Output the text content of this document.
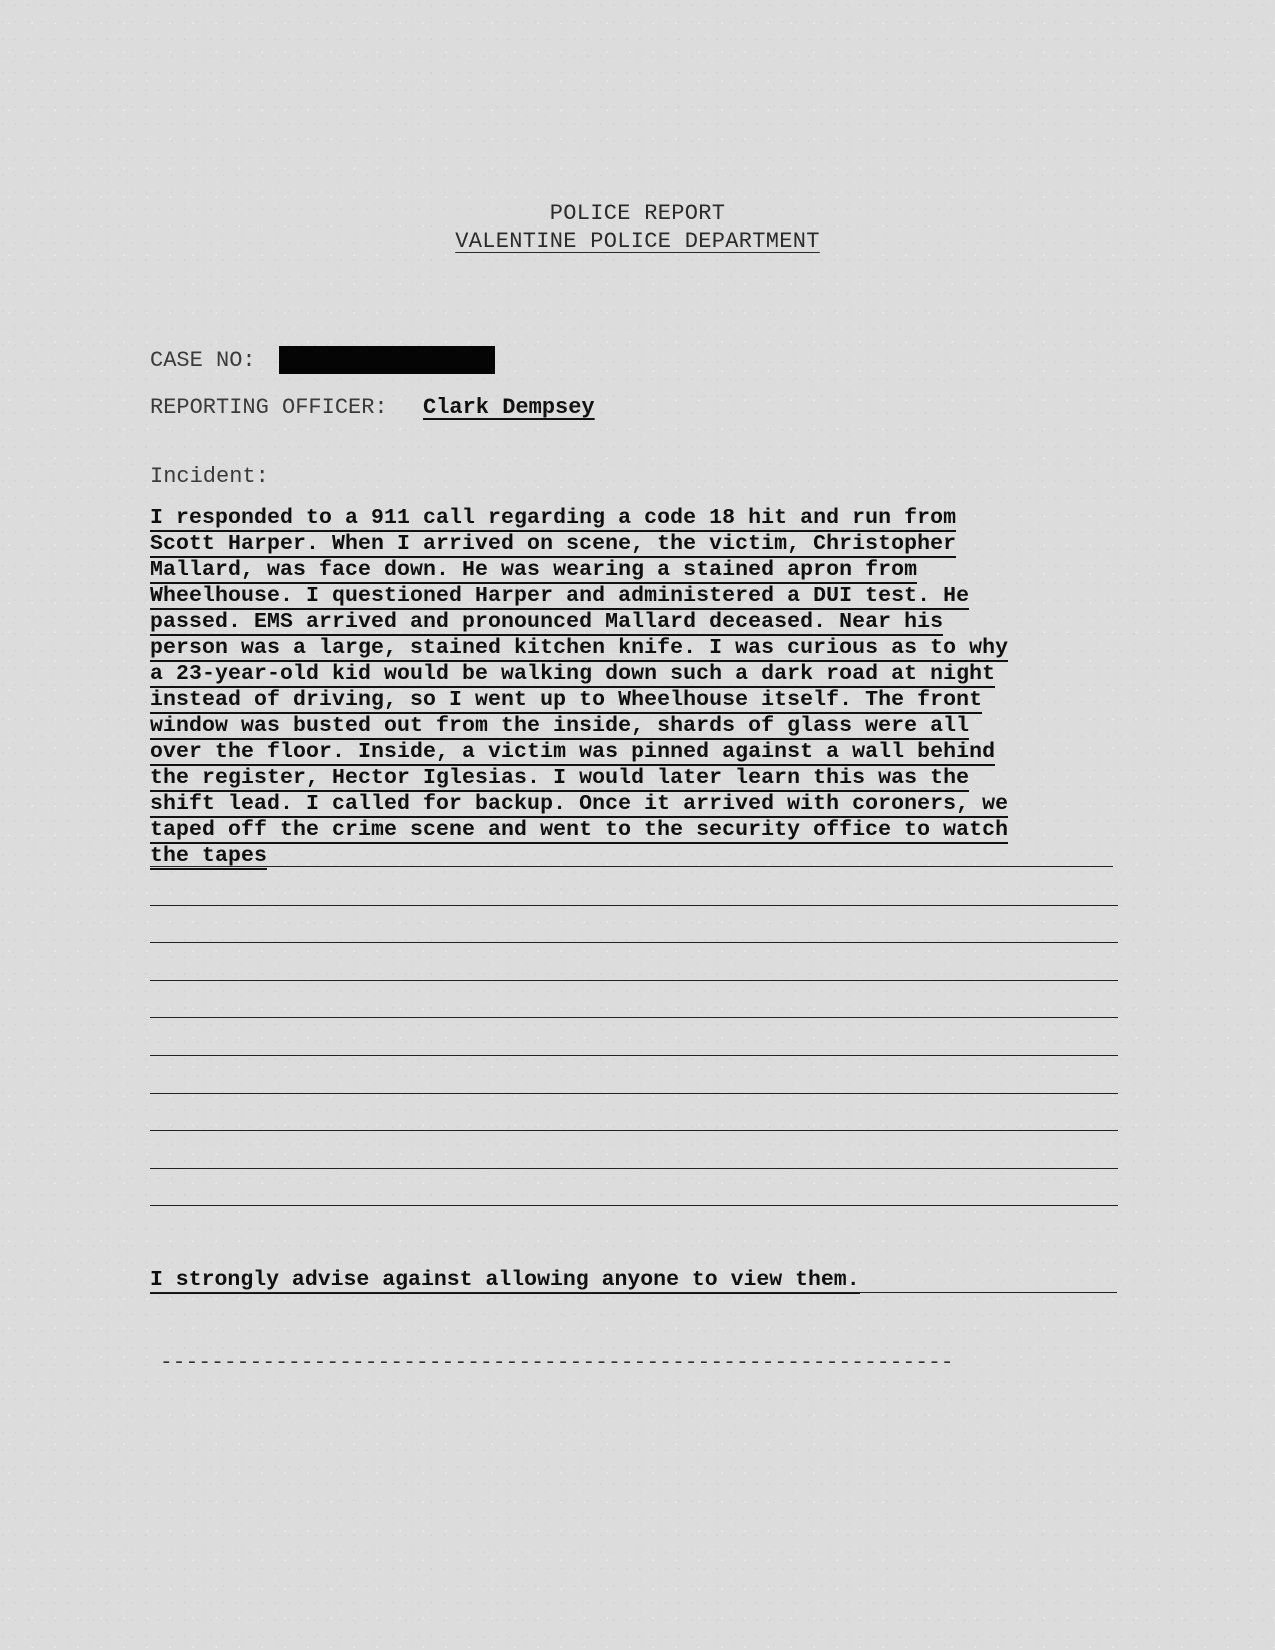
POLICE REPORT
VALENTINE POLICE DEPARTMENT
CASE NO:
REPORTING OFFICER: Clark Dempsey
Incident:
I responded to a 911 call regarding a code 18 hit and run from
Scott Harper. When I arrived on scene, the victim, Christopher
Mallard, was face down. He was wearing a stained apron from
Wheelhouse. I questioned Harper and administered a DUI test. He
passed. EMS arrived and pronounced Mallard deceased. Near his
person was a large, stained kitchen knife. I was curious as to why
a 23-year-old kid would be walking down such a dark road at night
instead of driving, so I went up to Wheelhouse itself. The front
window was busted out from the inside, shards of glass were all
over the floor. Inside, a victim was pinned against a wall behind
the register, Hector Iglesias. I would later learn this was the
shift lead. I called for backup. Once it arrived with coroners, we
taped off the crime scene and went to the security office to watch
the tapes
I strongly advise against allowing anyone to view them.
--------------------------------------------------------------
